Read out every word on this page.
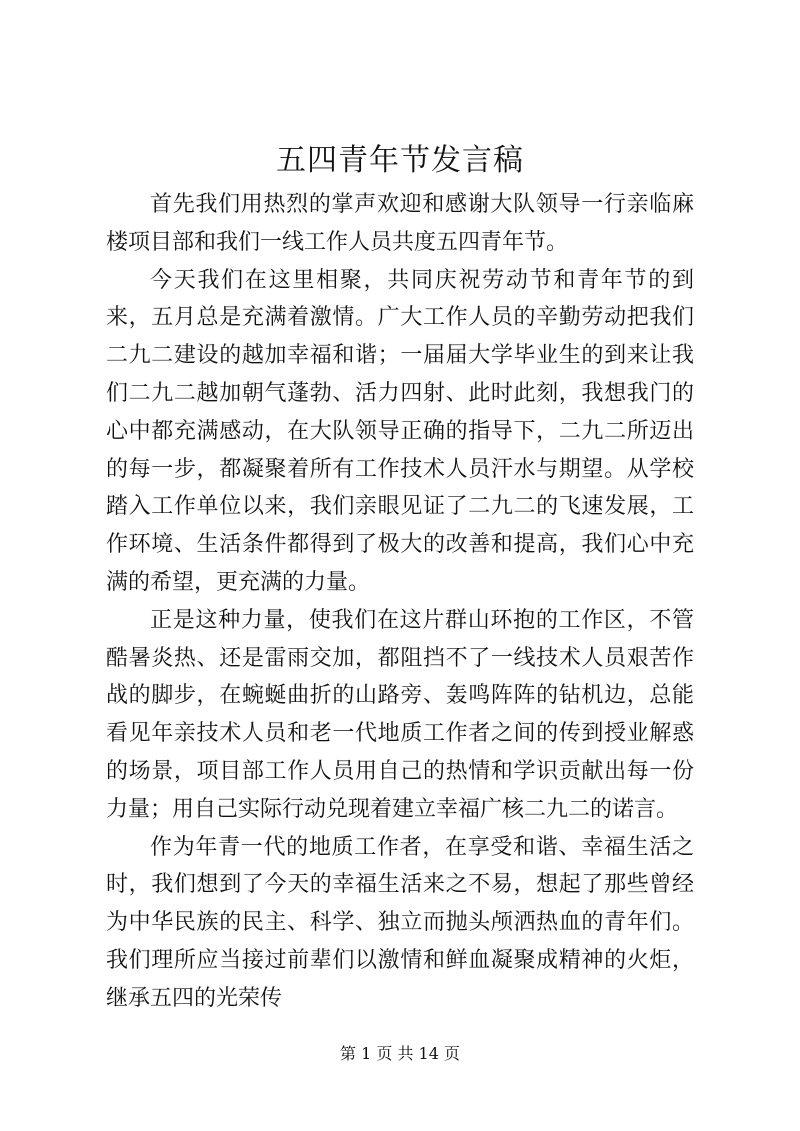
五四青年节发言稿

首先我们用热烈的掌声欢迎和感谢大队领导一行亲临麻楼项目部和我们一线工作人员共度五四青年节。

今天我们在这里相聚，共同庆祝劳动节和青年节的到来，五月总是充满着激情。广大工作人员的辛勤劳动把我们二九二建设的越加幸福和谐；一届届大学毕业生的到来让我们二九二越加朝气蓬勃、活力四射、此时此刻，我想我门的心中都充满感动，在大队领导正确的指导下，二九二所迈出的每一步，都凝聚着所有工作技术人员汗水与期望。从学校踏入工作单位以来，我们亲眼见证了二九二的飞速发展，工作环境、生活条件都得到了极大的改善和提高，我们心中充满的希望，更充满的力量。

正是这种力量，使我们在这片群山环抱的工作区，不管酷暑炎热、还是雷雨交加，都阻挡不了一线技术人员艰苦作战的脚步，在蜿蜒曲折的山路旁、轰鸣阵阵的钻机边，总能看见年亲技术人员和老一代地质工作者之间的传到授业解惑的场景，项目部工作人员用自己的热情和学识贡献出每一份力量；用自己实际行动兑现着建立幸福广核二九二的诺言。

作为年青一代的地质工作者，在享受和谐、幸福生活之时，我们想到了今天的幸福生活来之不易，想起了那些曾经为中华民族的民主、科学、独立而抛头颅洒热血的青年们。我们理所应当接过前辈们以激情和鲜血凝聚成精神的火炬，继承五四的光荣传

第 1 页 共 14 页
